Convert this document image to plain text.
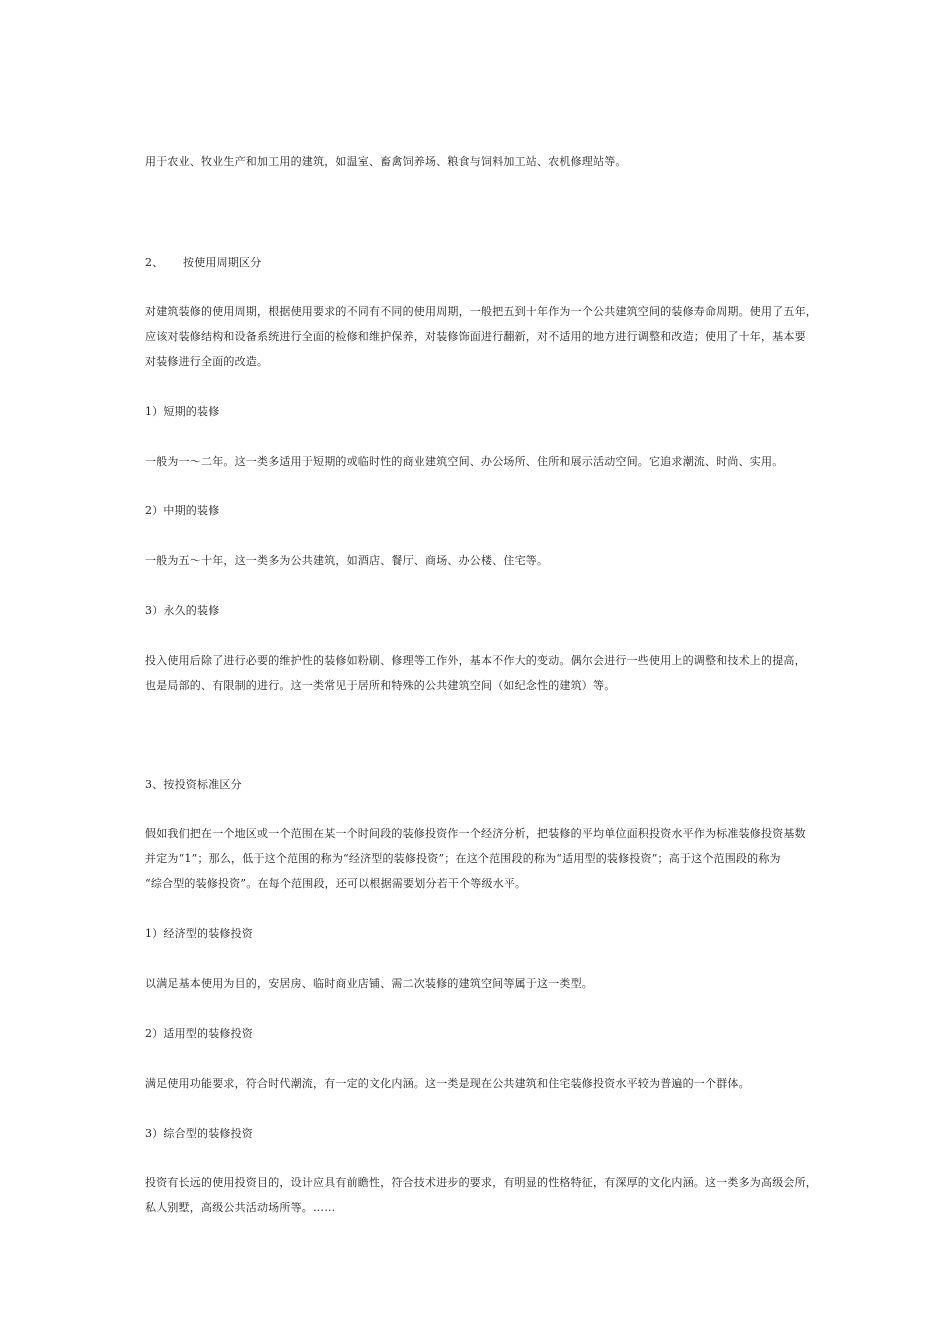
用于农业、牧业生产和加工用的建筑，如温室、畜禽饲养场、粮食与饲料加工站、农机修理站等。
2、 按使用周期区分
对建筑装修的使用周期，根据使用要求的不同有不同的使用周期，一般把五到十年作为一个公共建筑空间的装修寿命周期。使用了五年，
应该对装修结构和设备系统进行全面的检修和维护保养，对装修饰面进行翻新，对不适用的地方进行调整和改造；使用了十年，基本要
对装修进行全面的改造。
1）短期的装修
一般为一～二年。这一类多适用于短期的或临时性的商业建筑空间、办公场所、住所和展示活动空间。它追求潮流、时尚、实用。
2）中期的装修
一般为五～十年，这一类多为公共建筑，如酒店、餐厅、商场、办公楼、住宅等。
3）永久的装修
投入使用后除了进行必要的维护性的装修如粉刷、修理等工作外，基本不作大的变动。偶尔会进行一些使用上的调整和技术上的提高，
也是局部的、有限制的进行。这一类常见于居所和特殊的公共建筑空间（如纪念性的建筑）等。
3、按投资标准区分
假如我们把在一个地区或一个范围在某一个时间段的装修投资作一个经济分析，把装修的平均单位面积投资水平作为标准装修投资基数
并定为“1”；那么，低于这个范围的称为“经济型的装修投资”；在这个范围段的称为“适用型的装修投资”；高于这个范围段的称为
“综合型的装修投资”。在每个范围段，还可以根据需要划分若干个等级水平。
1）经济型的装修投资
以满足基本使用为目的，安居房、临时商业店铺、需二次装修的建筑空间等属于这一类型。
2）适用型的装修投资
满足使用功能要求，符合时代潮流，有一定的文化内涵。这一类是现在公共建筑和住宅装修投资水平较为普遍的一个群体。
3）综合型的装修投资
投资有长远的使用投资目的，设计应具有前瞻性，符合技术进步的要求，有明显的性格特征，有深厚的文化内涵。这一类多为高级会所，
私人别墅，高级公共活动场所等。……
